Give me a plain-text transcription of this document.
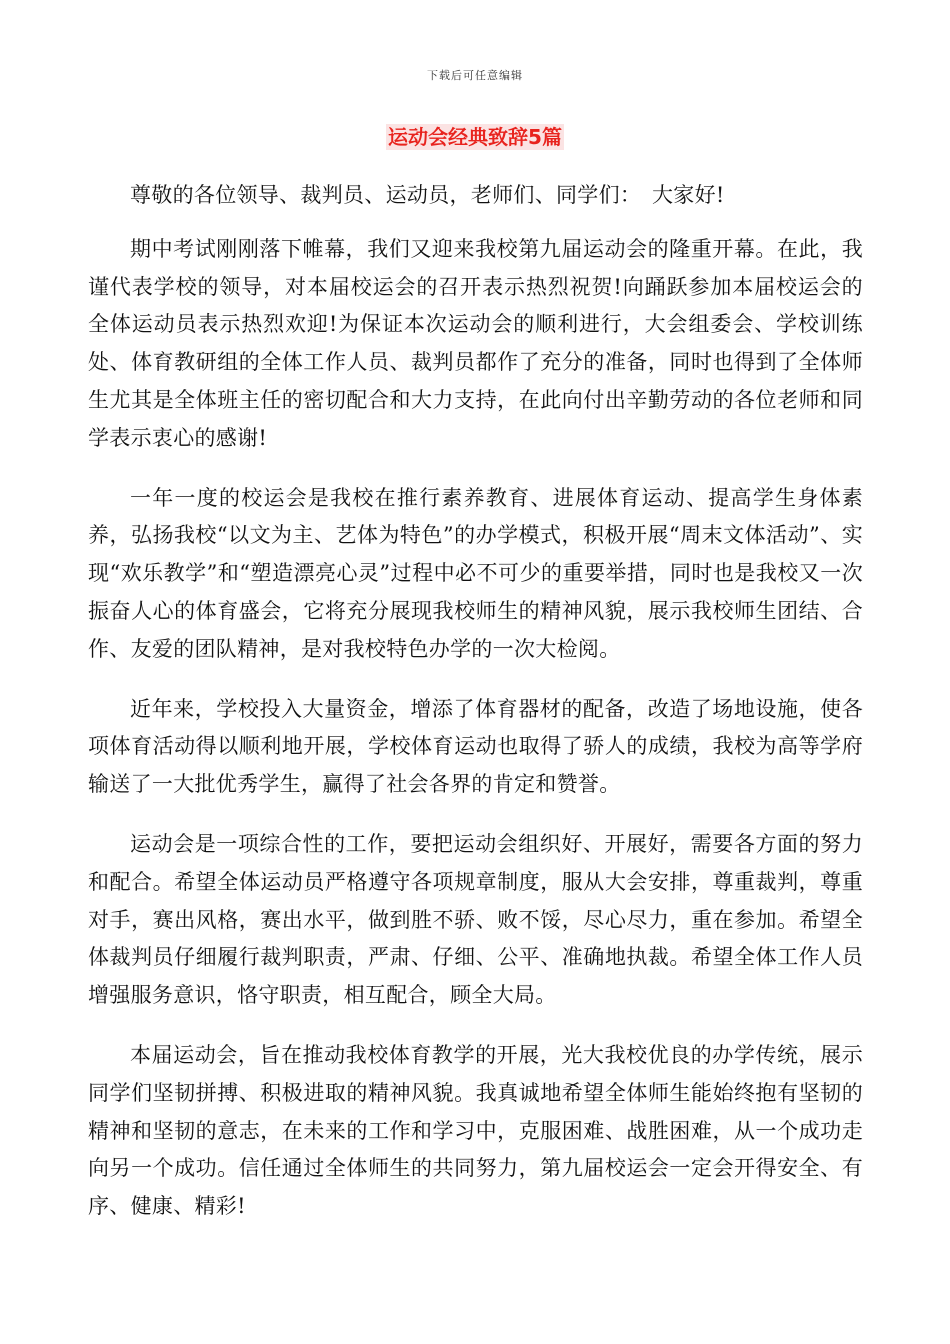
下载后可任意编辑
运动会经典致辞5篇

尊敬的各位领导、裁判员、运动员，老师们、同学们：　大家好!

期中考试刚刚落下帷幕，我们又迎来我校第九届运动会的隆重开幕。在此，我谨代表学校的领导，对本届校运会的召开表示热烈祝贺!向踊跃参加本届校运会的全体运动员表示热烈欢迎!为保证本次运动会的顺利进行，大会组委会、学校训练处、体育教研组的全体工作人员、裁判员都作了充分的准备，同时也得到了全体师生尤其是全体班主任的密切配合和大力支持，在此向付出辛勤劳动的各位老师和同学表示衷心的感谢!

一年一度的校运会是我校在推行素养教育、进展体育运动、提高学生身体素养，弘扬我校“以文为主、艺体为特色”的办学模式，积极开展“周末文体活动”、实现“欢乐教学”和“塑造漂亮心灵”过程中必不可少的重要举措，同时也是我校又一次振奋人心的体育盛会，它将充分展现我校师生的精神风貌，展示我校师生团结、合作、友爱的团队精神，是对我校特色办学的一次大检阅。

近年来，学校投入大量资金，增添了体育器材的配备，改造了场地设施，使各项体育活动得以顺利地开展，学校体育运动也取得了骄人的成绩，我校为高等学府输送了一大批优秀学生，赢得了社会各界的肯定和赞誉。

运动会是一项综合性的工作，要把运动会组织好、开展好，需要各方面的努力和配合。希望全体运动员严格遵守各项规章制度，服从大会安排，尊重裁判，尊重对手，赛出风格，赛出水平，做到胜不骄、败不馁，尽心尽力，重在参加。希望全体裁判员仔细履行裁判职责，严肃、仔细、公平、准确地执裁。希望全体工作人员增强服务意识，恪守职责，相互配合，顾全大局。

本届运动会，旨在推动我校体育教学的开展，光大我校优良的办学传统，展示同学们坚韧拼搏、积极进取的精神风貌。我真诚地希望全体师生能始终抱有坚韧的精神和坚韧的意志，在未来的工作和学习中，克服困难、战胜困难，从一个成功走向另一个成功。信任通过全体师生的共同努力，第九届校运会一定会开得安全、有序、健康、精彩!
